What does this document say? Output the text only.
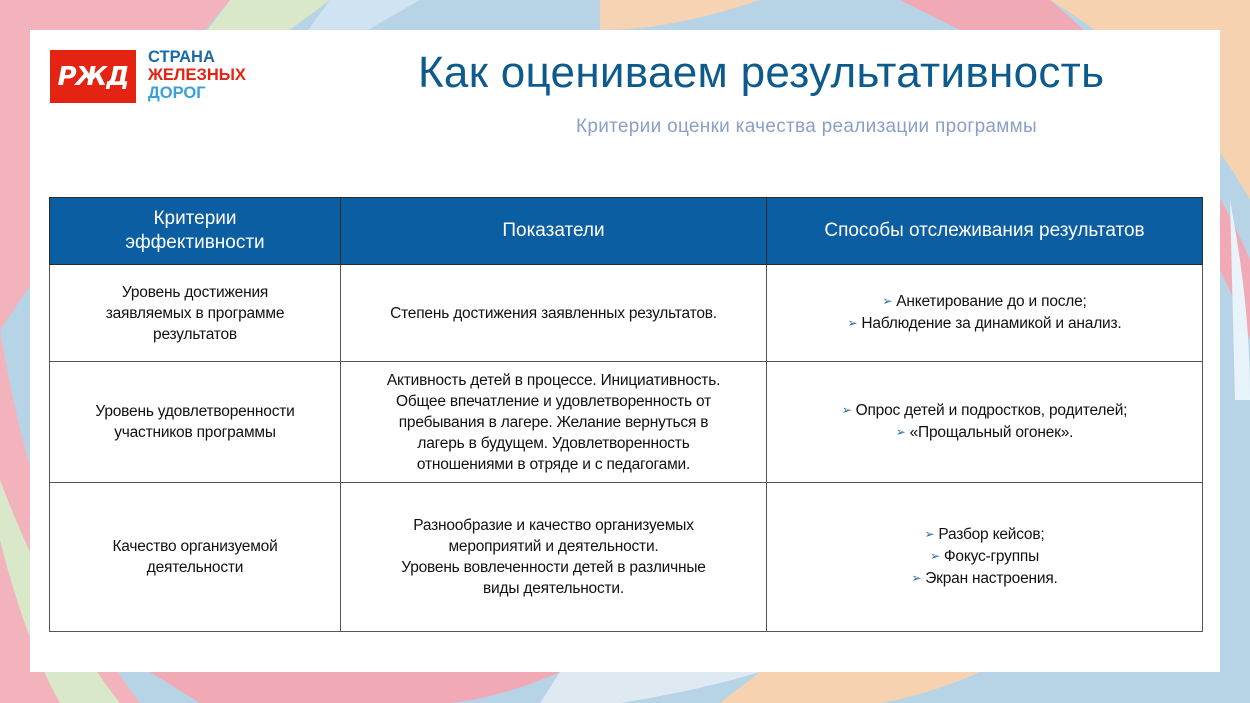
РЖД
СТРАНА
ЖЕЛЕЗНЫХ
ДОРОГ	Как оцениваем результативность
Критерии оценки качества реализации программы
Критерии
эффективности	Показатели	Способы отслеживания результатов

Уровень достижения
заявляемых в программе
результатов	Степень достижения заявленных результатов.	➢ Анкетирование до и после;
➢ Наблюдение за динамикой и анализ.

Уровень удовлетворенности
участников программы	Активность детей в процессе. Инициативность.
Общее впечатление и удовлетворенность от
пребывания в лагере. Желание вернуться в
лагерь в будущем. Удовлетворенность
отношениями в отряде и с педагогами.	➢ Опрос детей и подростков, родителей;
➢ «Прощальный огонек».

Качество организуемой
деятельности	Разнообразие и качество организуемых
мероприятий и деятельности.
Уровень вовлеченности детей в различные
виды деятельности.	➢ Разбор кейсов;
➢ Фокус-группы
➢ Экран настроения.
